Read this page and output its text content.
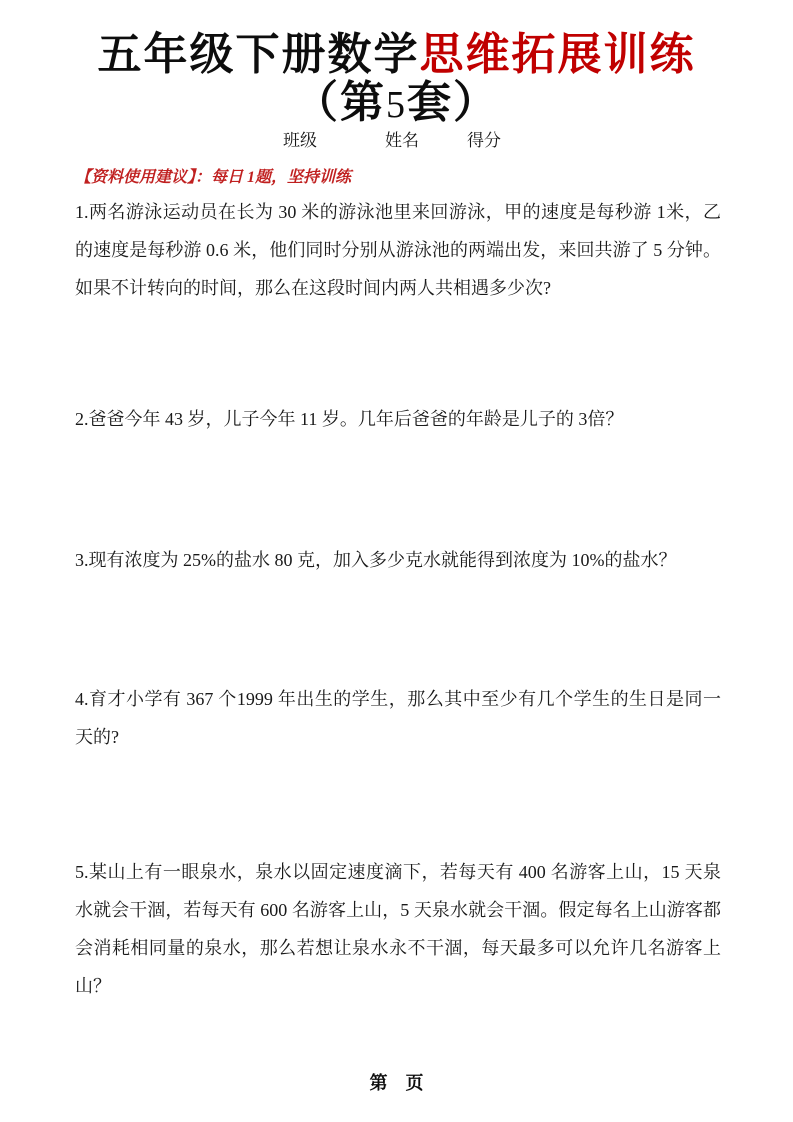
五年级下册数学思维拓展训练
（第5套）
班级	姓名	得分
【资料使用建议】：每日 1题，坚持训练
1.两名游泳运动员在长为 30 米的游泳池里来回游泳，甲的速度是每秒游 1米，乙的速度是每秒游 0.6 米，他们同时分别从游泳池的两端出发，来回共游了 5 分钟。如果不计转向的时间，那么在这段时间内两人共相遇多少次?
2.爸爸今年 43 岁，儿子今年 11 岁。几年后爸爸的年龄是儿子的 3倍？
3.现有浓度为 25%的盐水 80 克，加入多少克水就能得到浓度为 10%的盐水？
4.育才小学有 367 个1999 年出生的学生，那么其中至少有几个学生的生日是同一天的?
5.某山上有一眼泉水，泉水以固定速度滴下，若每天有 400 名游客上山，15 天泉水就会干涸，若每天有 600 名游客上山，5 天泉水就会干涸。假定每名上山游客都会消耗相同量的泉水，那么若想让泉水永不干涸，每天最多可以允许几名游客上山？
第　页
